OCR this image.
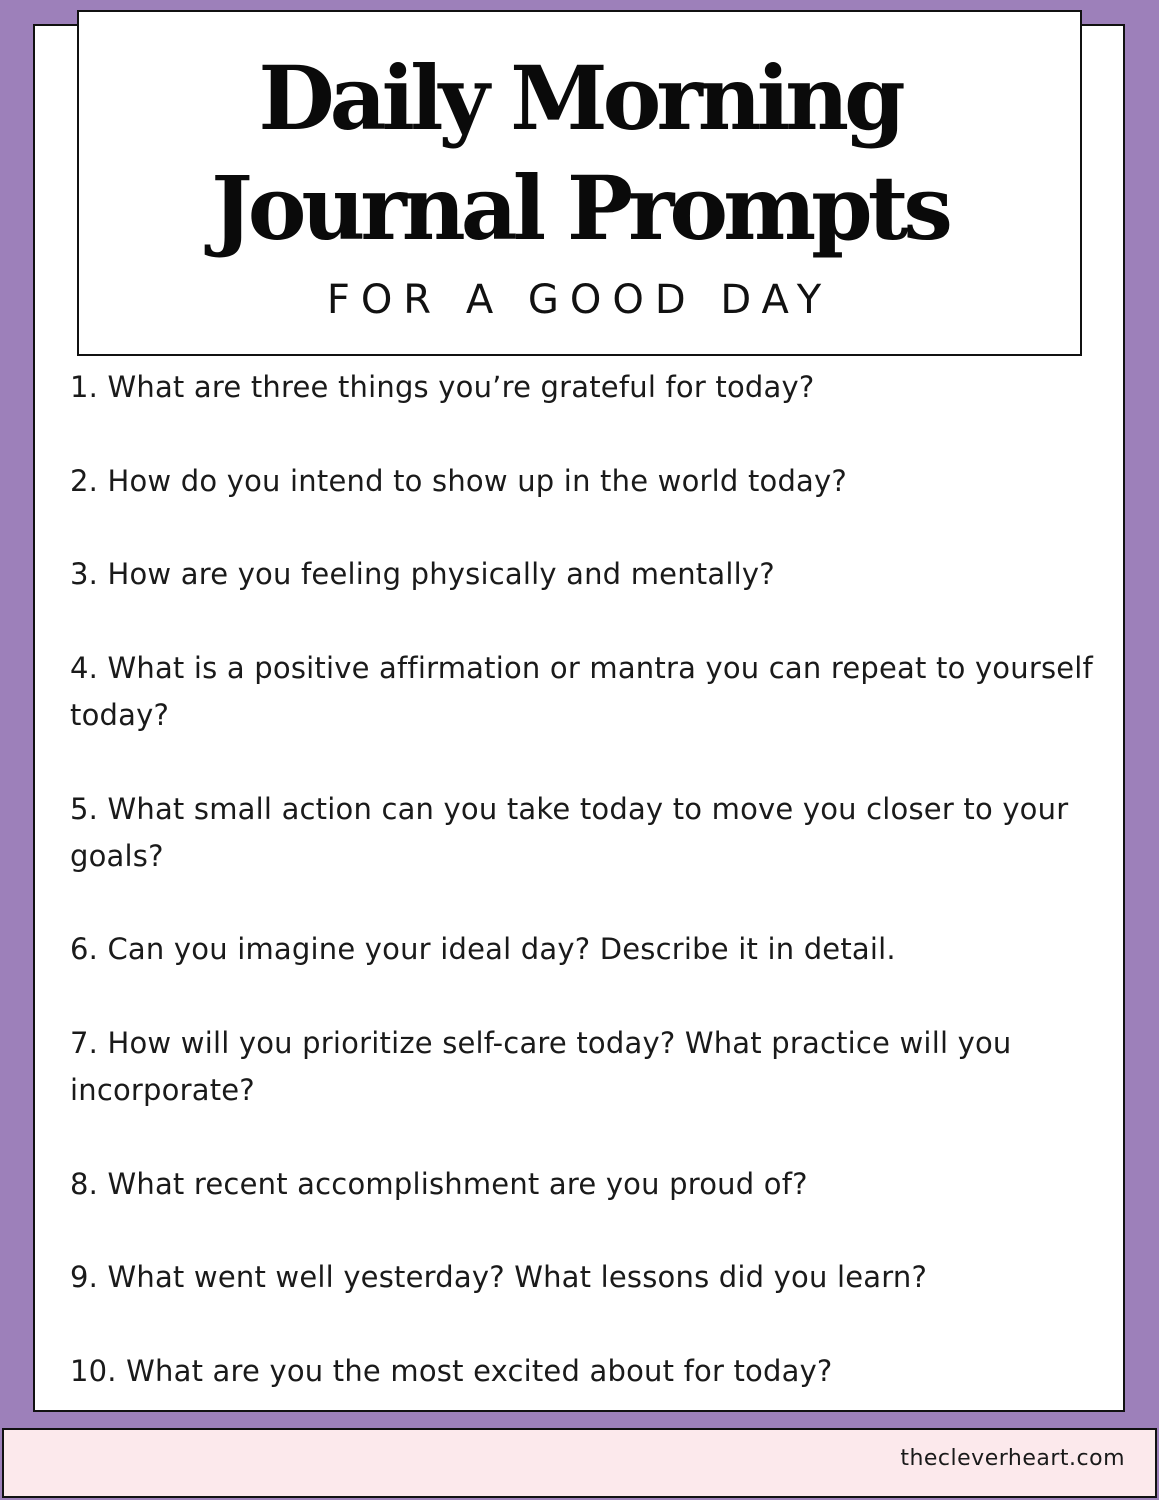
Daily Morning
Journal Prompts
FOR A GOOD DAY
1. What are three things you’re grateful for today?
2. How do you intend to show up in the world today?
3. How are you feeling physically and mentally?
4. What is a positive affirmation or mantra you can repeat to yourself today?
5. What small action can you take today to move you closer to your goals?
6. Can you imagine your ideal day? Describe it in detail.
7. How will you prioritize self-care today? What practice will you incorporate?
8. What recent accomplishment are you proud of?
9. What went well yesterday? What lessons did you learn?
10. What are you the most excited about for today?
thecleverheart.com
